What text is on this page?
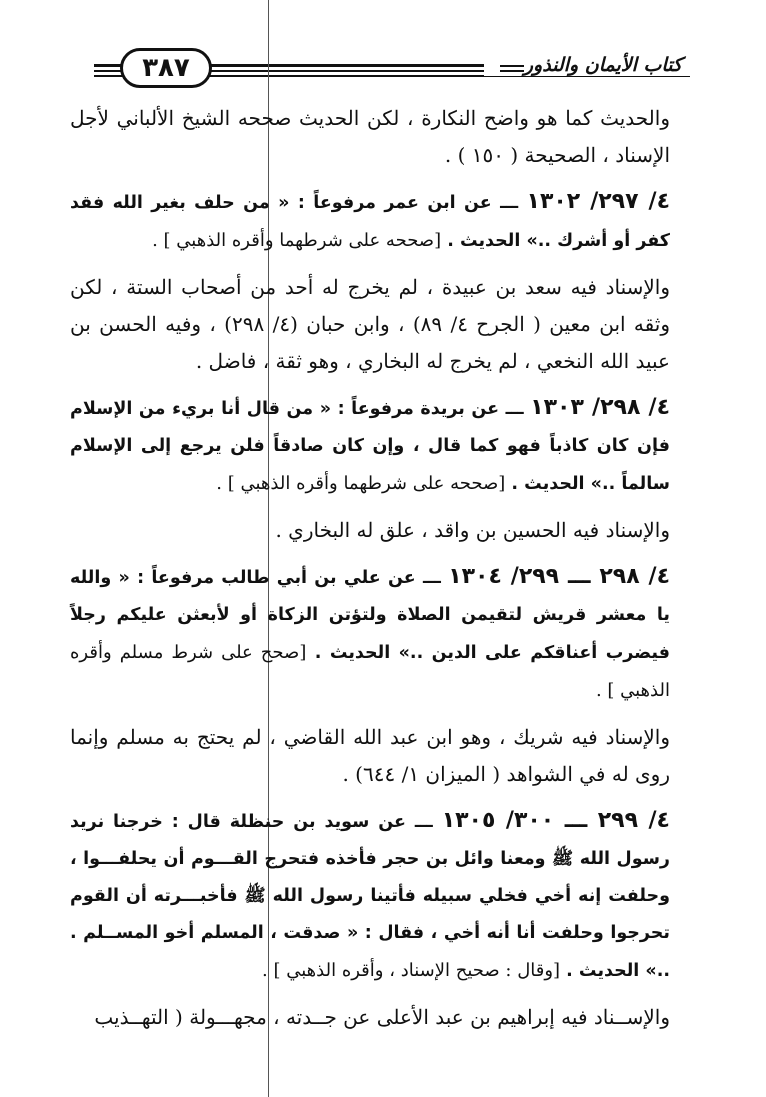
٣٨٧	كتاب الأيمان والنذور

والحديث كما هو واضح النكارة ، لكن الحديث صححه الشيخ الألباني لأجل الإسناد ، الصحيحة ( ١٥٠ ) .

٤/ ٢٩٧/ ١٣٠٢ ـــ عن ابن عمر مرفوعاً : « من حلف بغير الله فقد كفر أو أشرك ..» الحديث . [صححه على شرطهما وأقره الذهبي ] .

والإسناد فيه سعد بن عبيدة ، لم يخرج له أحد من أصحاب الستة ، لكن وثقه ابن معين ( الجرح ٤/ ٨٩) ، وابن حبان (٤/ ٢٩٨) ، وفيه الحسن بن عبيد الله النخعي ، لم يخرج له البخاري ، وهو ثقة ، فاضل .

٤/ ٢٩٨/ ١٣٠٣ ـــ عن بريدة مرفوعاً : « من قال أنا بريء من الإسلام فإن كان كاذباً فهو كما قال ، وإن كان صادقاً فلن يرجع إلى الإسلام سالماً ..» الحديث . [صححه على شرطهما وأقره الذهبي ] .

والإسناد فيه الحسين بن واقد ، علق له البخاري .

٤/ ٢٩٨ ـــ ٢٩٩/ ١٣٠٤ ـــ عن علي بن أبي طالب مرفوعاً : « والله يا معشر قريش لتقيمن الصلاة ولتؤتن الزكاة أو لأبعثن عليكم رجلاً فيضرب أعناقكم على الدين ..» الحديث . [صحح على شرط مسلم وأقره الذهبي ] .

والإسناد فيه شريك ، وهو ابن عبد الله القاضي ، لم يحتج به مسلم وإنما روى له في الشواهد ( الميزان ١/ ٦٤٤) .

٤/ ٢٩٩ ـــ ٣٠٠/ ١٣٠٥ ـــ عن سويد بن حنظلة قال : خرجنا نريد رسول الله ﷺ ومعنا وائل بن حجر فأخذه فتحرج القـــوم أن يحلفـــوا ، وحلفت إنه أخي فخلي سبيله فأتينا رسول الله ﷺ فأخبـــرته أن القوم تحرجوا وحلفت أنا أنه أخي ، فقال : « صدقت ، المسلم أخو المســلم . ..» الحديث . [وقال : صحيح الإسناد ، وأقره الذهبي ] .

والإســناد فيه إبراهيم بن عبد الأعلى عن جــدته ، مجهـــولة ( التهــذيب
